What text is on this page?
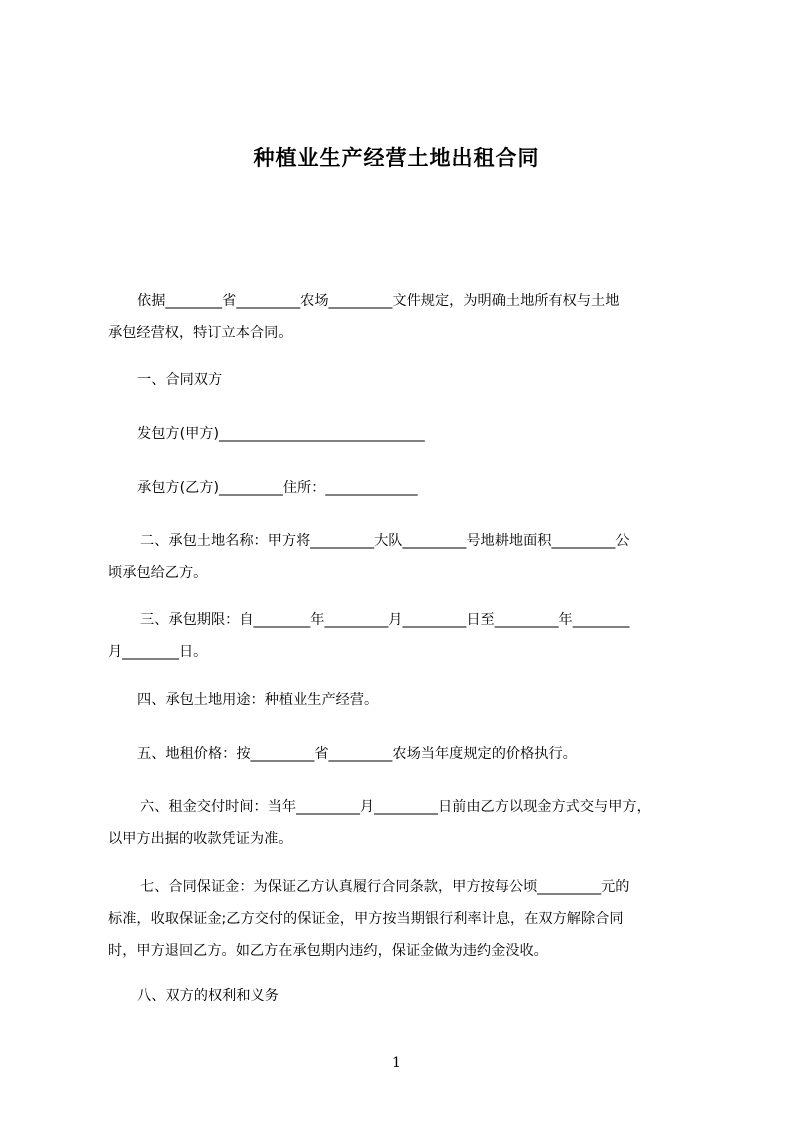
种植业生产经营土地出租合同
依据________省_________农场_________文件规定，为明确土地所有权与土地
承包经营权，特订立本合同。
一、合同双方
发包方(甲方)_____________________________
承包方(乙方)_________住所：_____________
二、承包土地名称：甲方将_________大队_________号地耕地面积_________公
顷承包给乙方。
三、承包期限：自________年_________月_________日至_________年________
月________日。
四、承包土地用途：种植业生产经营。
五、地租价格：按_________省_________农场当年度规定的价格执行。
六、租金交付时间：当年_________月_________日前由乙方以现金方式交与甲方，
以甲方出据的收款凭证为准。
七、合同保证金：为保证乙方认真履行合同条款，甲方按每公顷_________元的
标准，收取保证金;乙方交付的保证金，甲方按当期银行利率计息，在双方解除合同
时，甲方退回乙方。如乙方在承包期内违约，保证金做为违约金没收。
八、双方的权利和义务
1
